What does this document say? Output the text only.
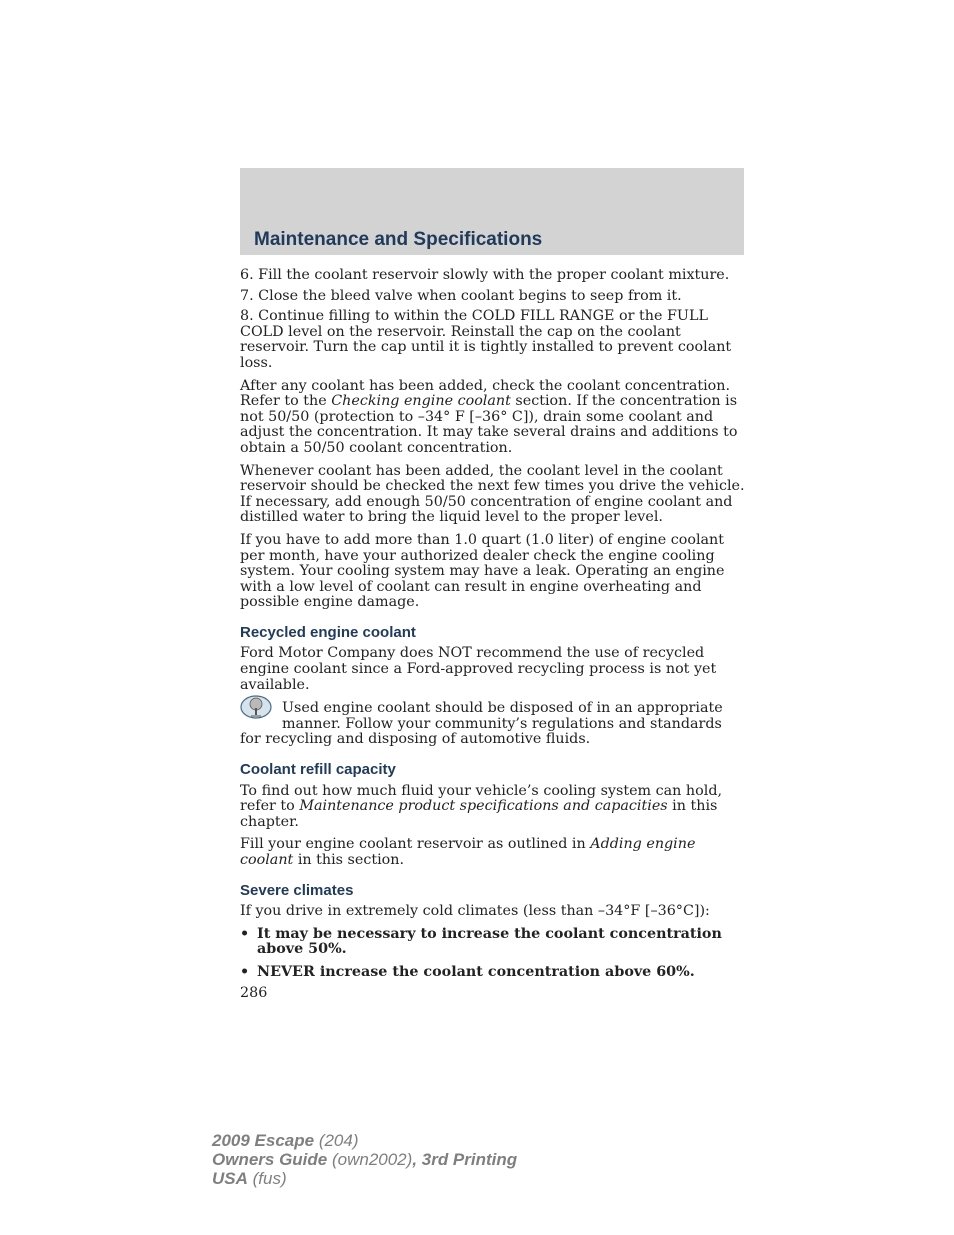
Maintenance and Specifications

6. Fill the coolant reservoir slowly with the proper coolant mixture.

7. Close the bleed valve when coolant begins to seep from it.

8. Continue filling to within the COLD FILL RANGE or the FULL COLD level on the reservoir. Reinstall the cap on the coolant reservoir. Turn the cap until it is tightly installed to prevent coolant loss.

After any coolant has been added, check the coolant concentration. Refer to the Checking engine coolant section. If the concentration is not 50/50 (protection to –34° F [–36° C]), drain some coolant and adjust the concentration. It may take several drains and additions to obtain a 50/50 coolant concentration.

Whenever coolant has been added, the coolant level in the coolant reservoir should be checked the next few times you drive the vehicle. If necessary, add enough 50/50 concentration of engine coolant and distilled water to bring the liquid level to the proper level.

If you have to add more than 1.0 quart (1.0 liter) of engine coolant per month, have your authorized dealer check the engine cooling system. Your cooling system may have a leak. Operating an engine with a low level of coolant can result in engine overheating and possible engine damage.

Recycled engine coolant

Ford Motor Company does NOT recommend the use of recycled engine coolant since a Ford-approved recycling process is not yet available.

Used engine coolant should be disposed of in an appropriate manner. Follow your community’s regulations and standards for recycling and disposing of automotive fluids.

Coolant refill capacity

To find out how much fluid your vehicle’s cooling system can hold, refer to Maintenance product specifications and capacities in this chapter.

Fill your engine coolant reservoir as outlined in Adding engine coolant in this section.

Severe climates

If you drive in extremely cold climates (less than –34°F [–36°C]):

• It may be necessary to increase the coolant concentration above 50%.
• NEVER increase the coolant concentration above 60%.
286
2009 Escape (204)
Owners Guide (own2002), 3rd Printing
USA (fus)
